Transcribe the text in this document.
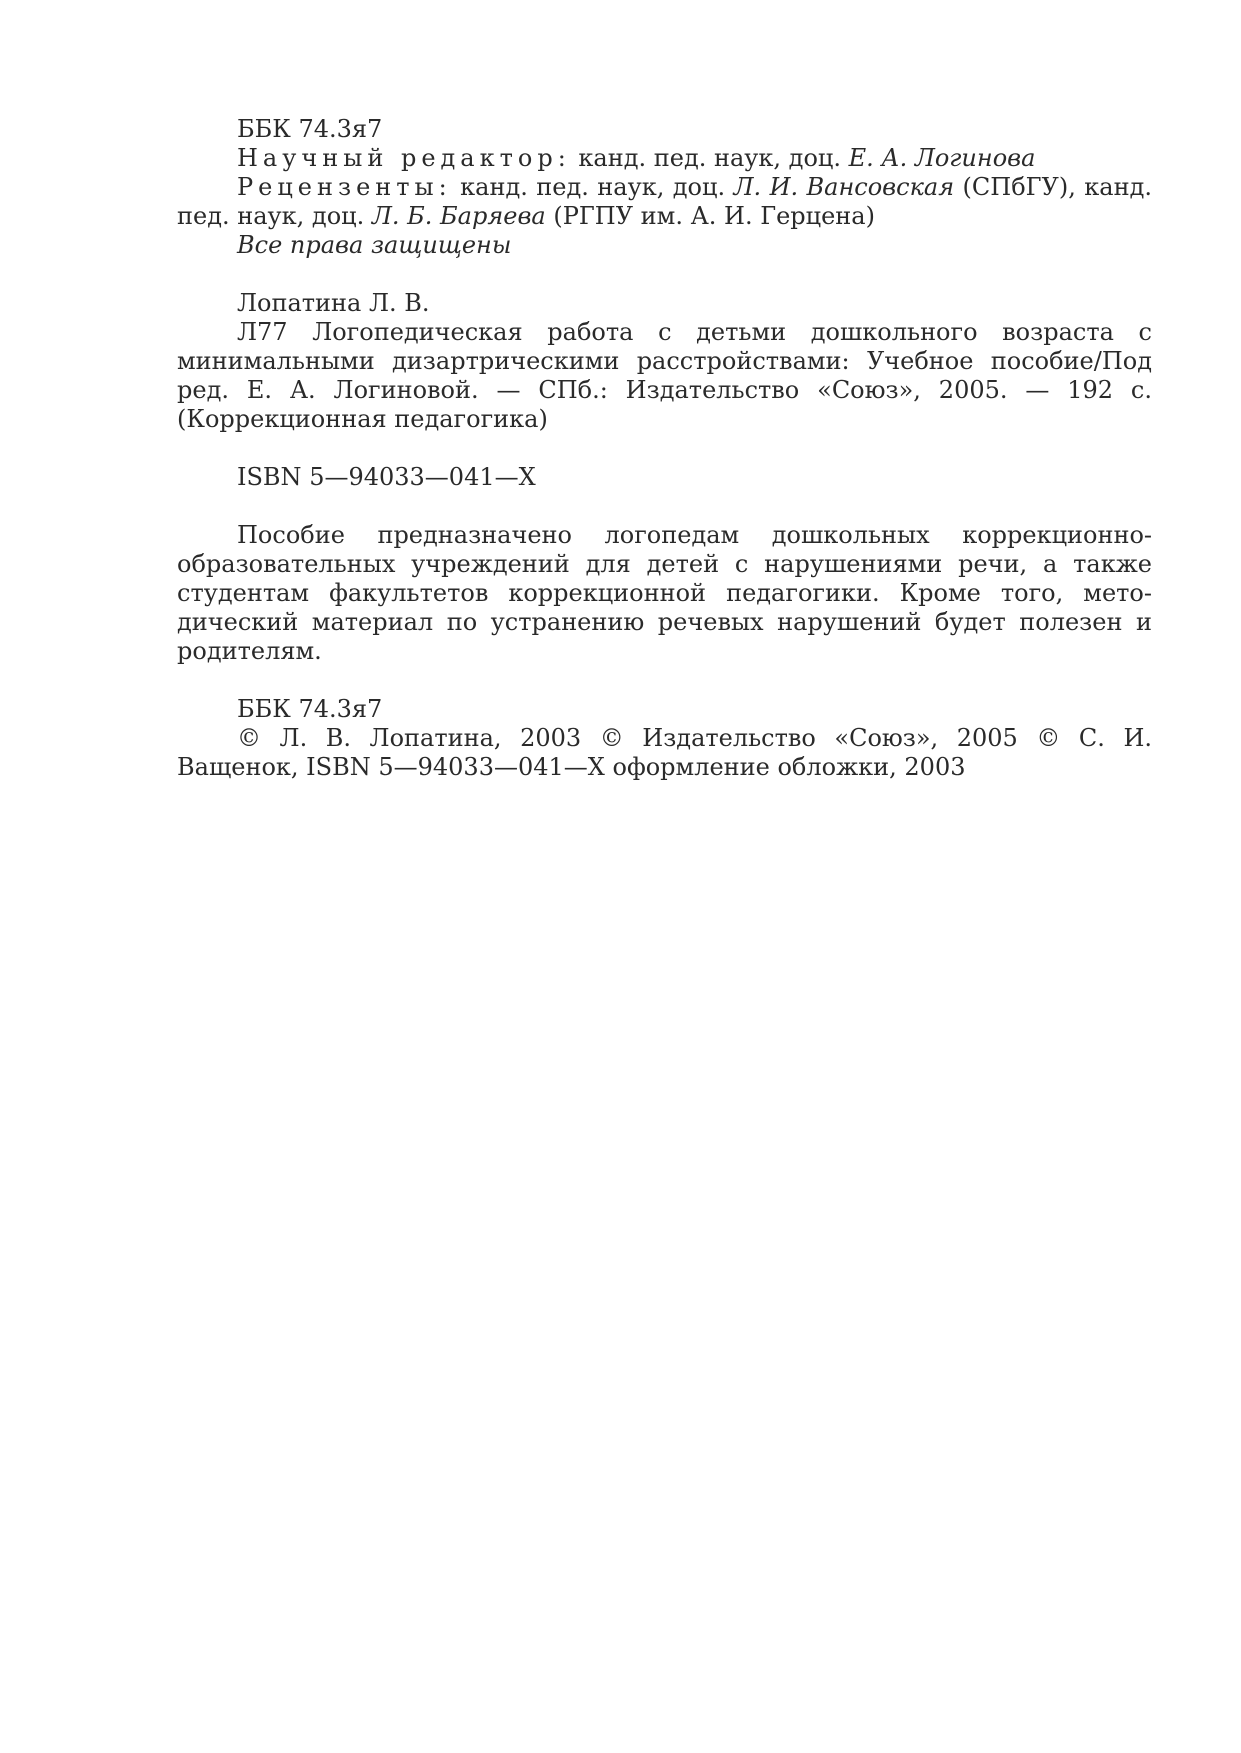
ББК 74.3я7

Научный редактор: канд. пед. наук, доц. Е. А. Логинова

Рецензенты: канд. пед. наук, доц. Л. И. Вансовская (СПбГУ), канд. пед. наук, доц. Л. Б. Баряева (РГПУ им. А. И. Герцена)

Все права защищены

Лопатина Л. В.

Л77 Логопедическая работа с детьми дошкольного возраста с минимальными дизартрическими расстройствами: Учебное пособие/Под ред. Е. А. Логиновой. — СПб.: Издательство «Союз», 2005. — 192 с. (Коррекционная педагогика)

ISBN 5—94033—041—X

Пособие предназначено логопедам дошкольных коррекционно-образовательных учреждений для детей с нарушениями речи, а также студентам факультетов коррекционной педагогики. Кроме того, методический материал по устранению речевых нарушений будет полезен и родителям.

ББК 74.3я7

© Л. В. Лопатина, 2003 © Издательство «Союз», 2005 © С. И. Ващенок, ISBN 5—94033—041—X оформление обложки, 2003
